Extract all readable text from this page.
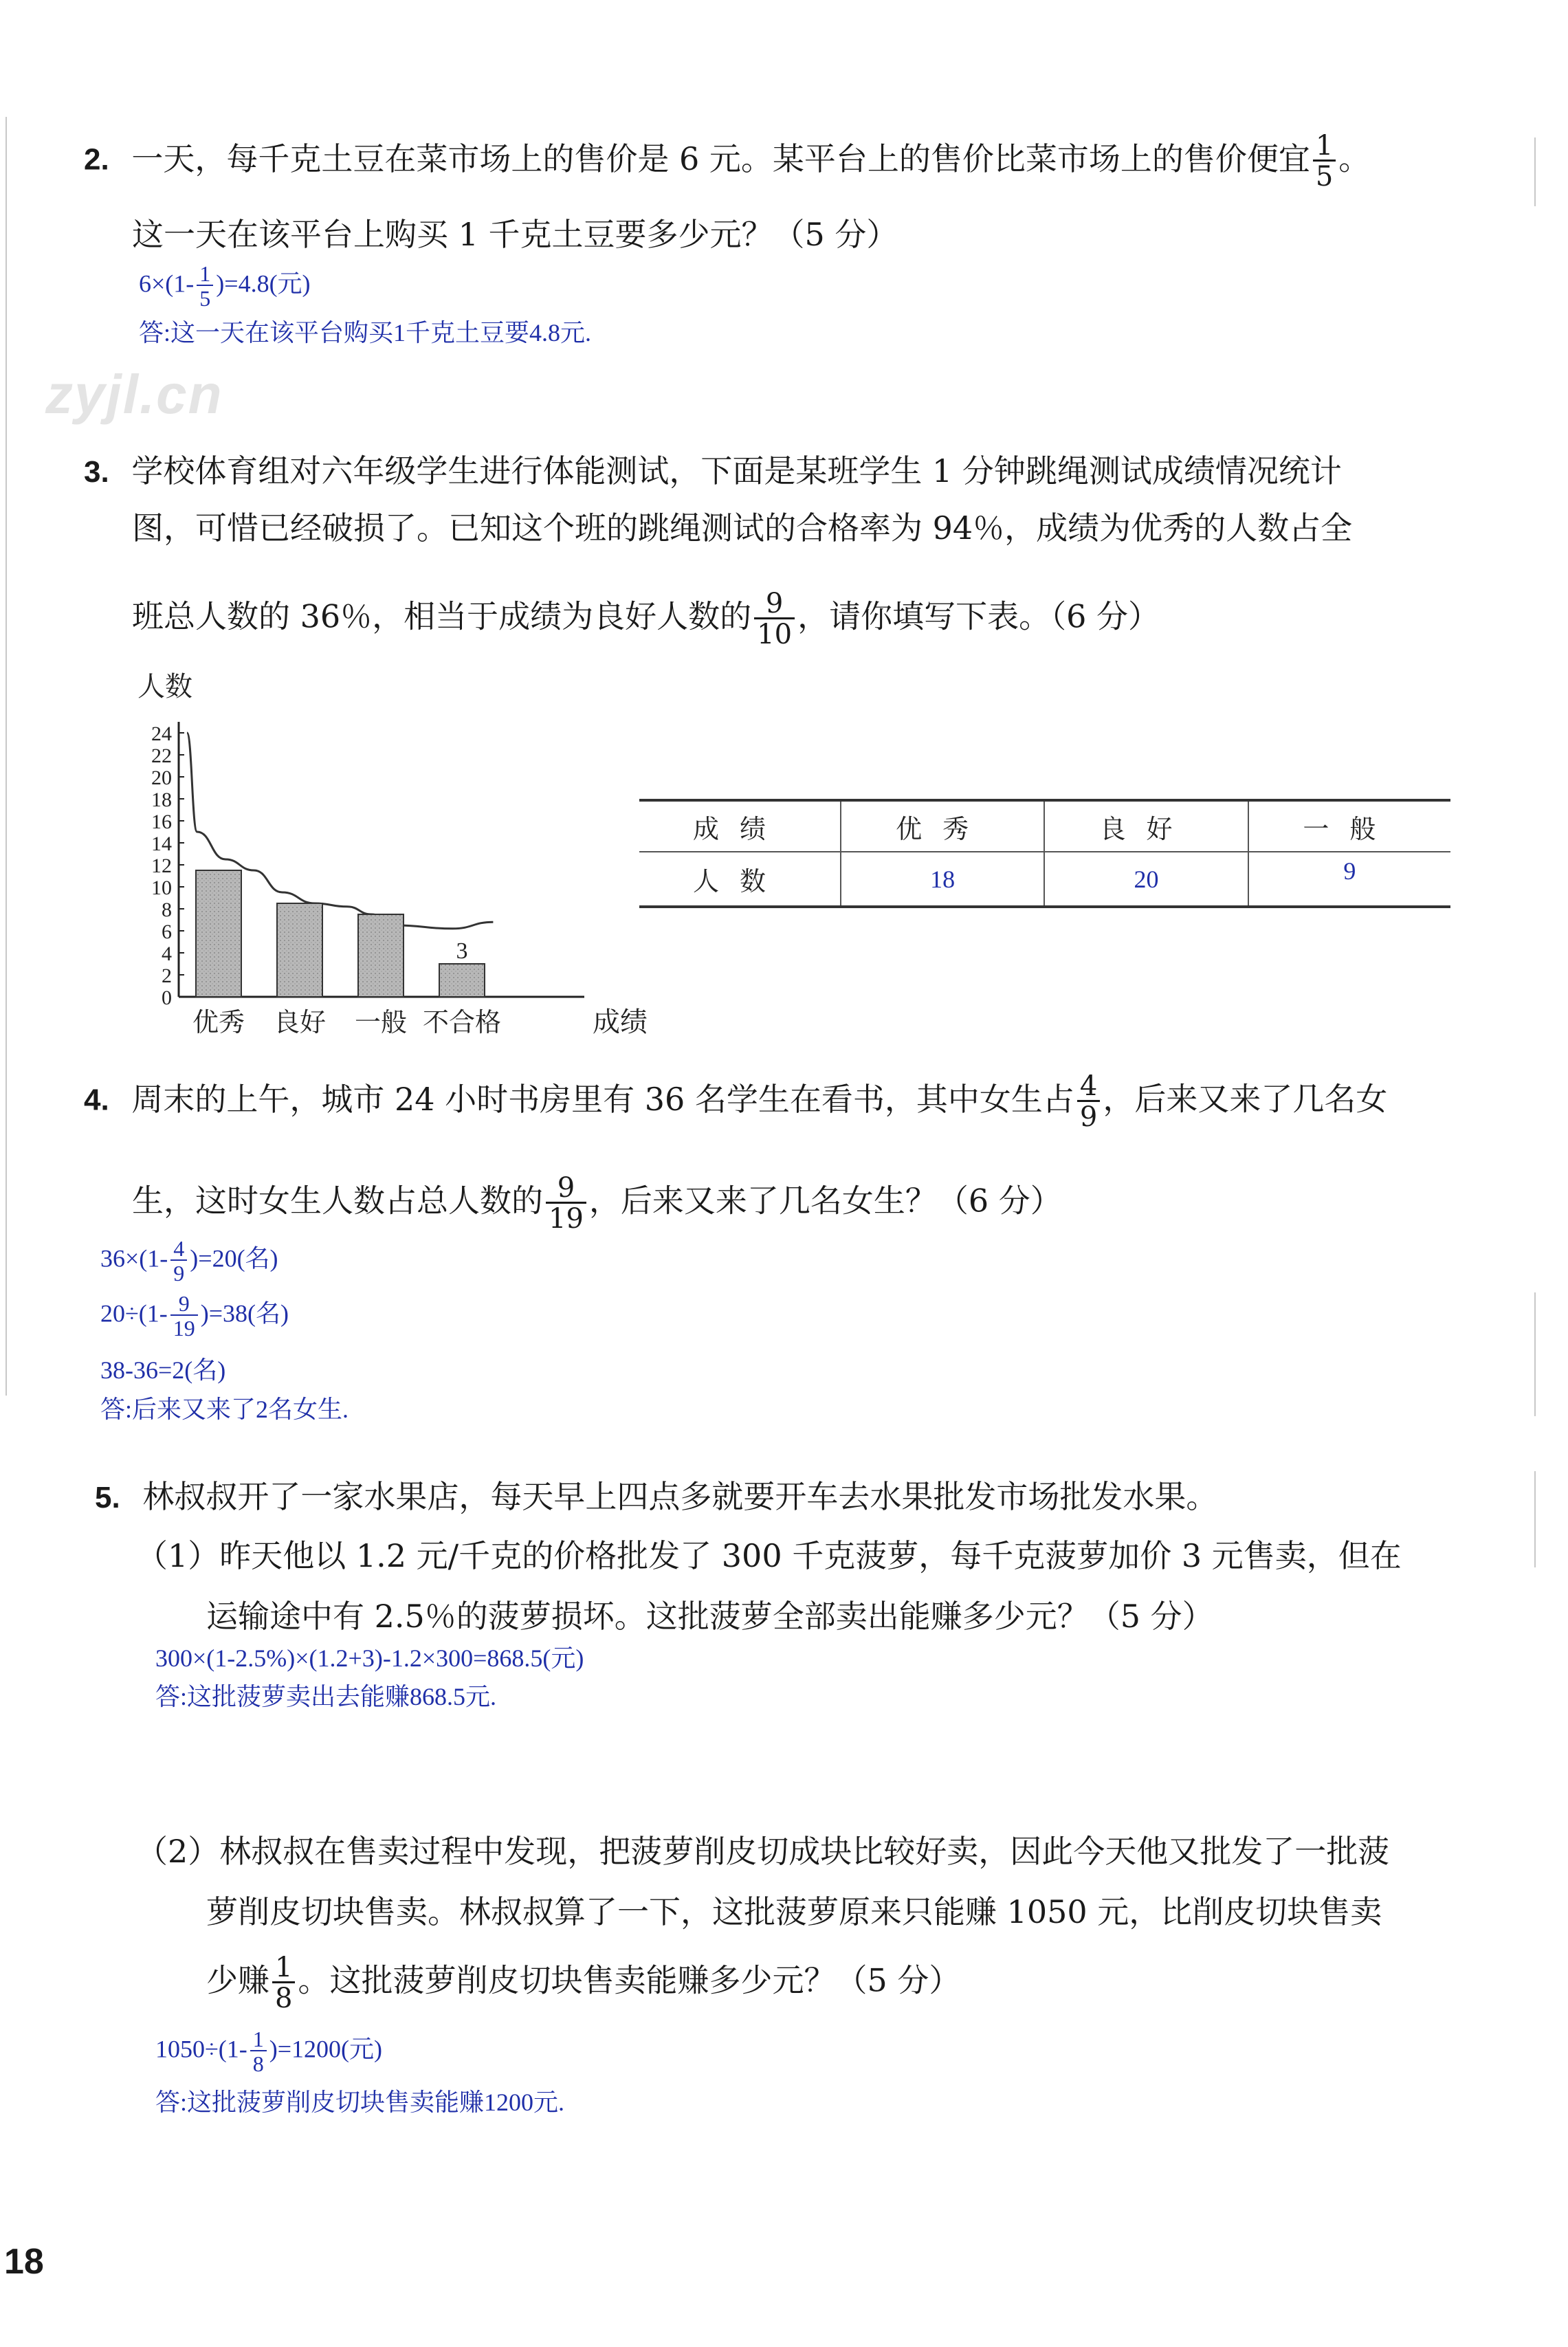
zyjl.cn
2. 一天，每千克土豆在菜市场上的售价是 6 元。某平台上的售价比菜市场上的售价便宜 $\frac{1}{5}$ 。
这一天在该平台上购买 1 千克土豆要多少元？（5 分）
$6\times(1- \frac{1}{5} )=4.8$(元)
答:这一天在该平台购买1千克土豆要4.8元.
3. 学校体育组对六年级学生进行体能测试，下面是某班学生 1 分钟跳绳测试成绩情况统计
图，可惜已经破损了。已知这个班的跳绳测试的合格率为 94％，成绩为优秀的人数占全
班总人数的 36％，相当于成绩为良好人数的 $\frac{9}{10}$ ，请你填写下表。（6 分）
人数
0
2
4
6
8
10
12
14
16
18
20
22
24
3
优秀 良好 一般 不合格	成绩
成绩	优秀	良好	一般
人数	18	20	9
4. 周末的上午，城市 24 小时书房里有 36 名学生在看书，其中女生占 $\frac{4}{9}$ ，后来又来了几名女
生，这时女生人数占总人数的 $\frac{9}{19}$ ，后来又来了几名女生？（6 分）
$36\times(1- \frac{4}{9} )=20$(名)
$20\div(1- \frac{9}{19} )=38$(名)
38-36=2(名)
答:后来又来了2名女生.
5. 林叔叔开了一家水果店，每天早上四点多就要开车去水果批发市场批发水果。
（1）昨天他以 1.2 元/千克的价格批发了 300 千克菠萝，每千克菠萝加价 3 元售卖，但在
运输途中有 2.5％的菠萝损坏。这批菠萝全部卖出能赚多少元？（5 分）
300×(1-2.5%)×(1.2+3)-1.2×300=868.5(元)
答:这批菠萝卖出去能赚868.5元.
（2）林叔叔在售卖过程中发现，把菠萝削皮切成块比较好卖，因此今天他又批发了一批菠
萝削皮切块售卖。林叔叔算了一下，这批菠萝原来只能赚 1050 元，比削皮切块售卖
少赚 $\frac{1}{8}$ 。这批菠萝削皮切块售卖能赚多少元？（5 分）
$1050\div(1- \frac{1}{8} )=1200$(元)
答:这批菠萝削皮切块售卖能赚1200元.
18
